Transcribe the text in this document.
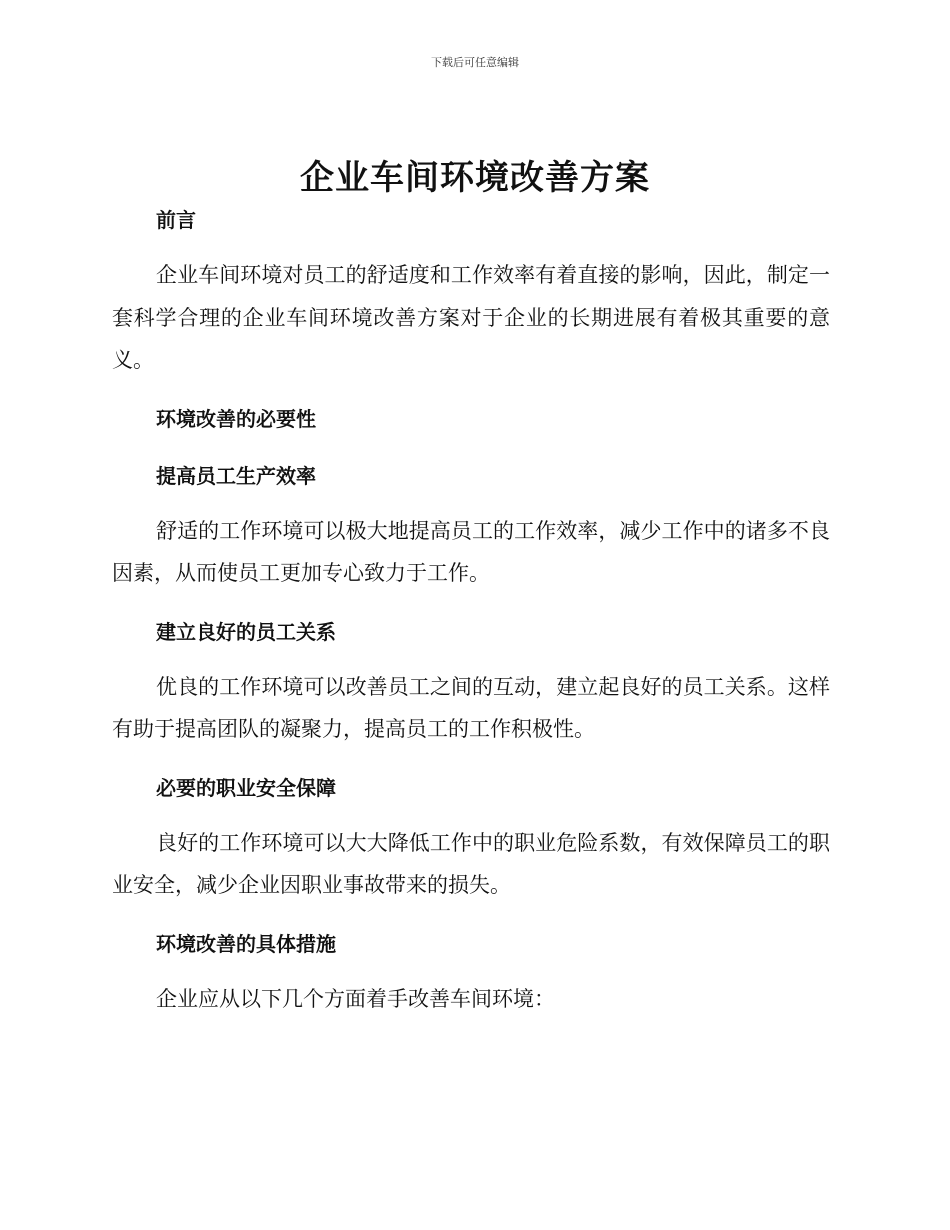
下载后可任意编辑
企业车间环境改善方案

前言

企业车间环境对员工的舒适度和工作效率有着直接的影响，因此，制定一套科学合理的企业车间环境改善方案对于企业的长期进展有着极其重要的意义。

环境改善的必要性

提高员工生产效率

舒适的工作环境可以极大地提高员工的工作效率，减少工作中的诸多不良因素，从而使员工更加专心致力于工作。

建立良好的员工关系

优良的工作环境可以改善员工之间的互动，建立起良好的员工关系。这样有助于提高团队的凝聚力，提高员工的工作积极性。

必要的职业安全保障

良好的工作环境可以大大降低工作中的职业危险系数，有效保障员工的职业安全，减少企业因职业事故带来的损失。

环境改善的具体措施

企业应从以下几个方面着手改善车间环境：
